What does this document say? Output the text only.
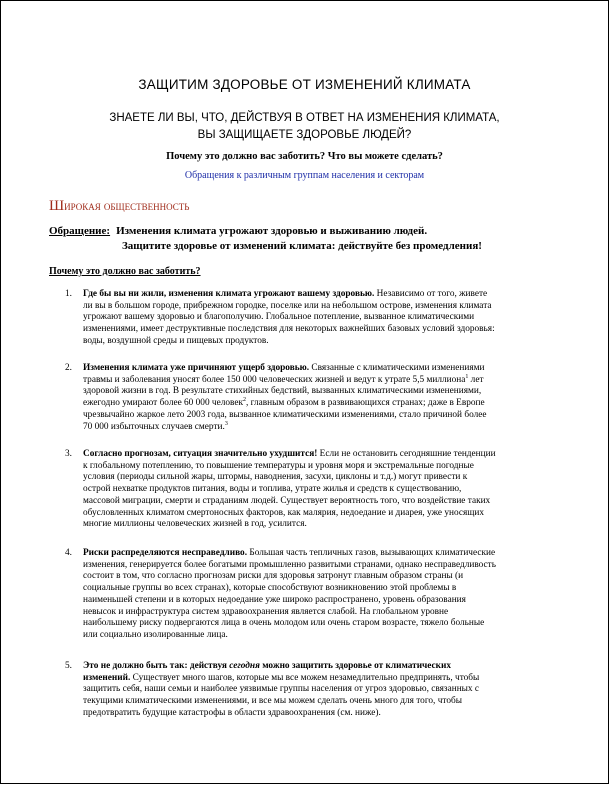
ЗАЩИТИМ ЗДОРОВЬЕ ОТ ИЗМЕНЕНИЙ КЛИМАТА
ЗНАЕТЕ ЛИ ВЫ, ЧТО, ДЕЙСТВУЯ В ОТВЕТ НА ИЗМЕНЕНИЯ КЛИМАТА,
ВЫ ЗАЩИЩАЕТЕ ЗДОРОВЬЕ ЛЮДЕЙ?
Почему это должно вас заботить? Что вы можете сделать?
Обращения к различным группам населения и секторам
Широкая общественность
Обращение: Изменения климата угрожают здоровью и выживанию людей.
Защитите здоровье от изменений климата: действуйте без промедления!
Почему это должно вас заботить?
1.	Где бы вы ни жили, изменения климата угрожают вашему здоровью. Независимо от того, живете
ли вы в большом городе, прибрежном городке, поселке или на небольшом острове, изменения климата
угрожают вашему здоровью и благополучию. Глобальное потепление, вызванное климатическими
изменениями, имеет деструктивные последствия для некоторых важнейших базовых условий здоровья:
воды, воздушной среды и пищевых продуктов.
2.	Изменения климата уже причиняют ущерб здоровью. Связанные с климатическими изменениями
травмы и заболевания уносят более 150 000 человеческих жизней и ведут к утрате 5,5 миллиона$^1$ лет
здоровой жизни в год. В результате стихийных бедствий, вызванных климатическими изменениями,
ежегодно умирают более 60 000 человек$^2$, главным образом в развивающихся странах; даже в Европе
чрезвычайно жаркое лето 2003 года, вызванное климатическими изменениями, стало причиной более
70 000 избыточных случаев смерти.$^3$
3.	Согласно прогнозам, ситуация значительно ухудшится! Если не остановить сегодняшние тенденции
к глобальному потеплению, то повышение температуры и уровня моря и экстремальные погодные
условия (периоды сильной жары, штормы, наводнения, засухи, циклоны и т.д.) могут привести к
острой нехватке продуктов питания, воды и топлива, утрате жилья и средств к существованию,
массовой миграции, смерти и страданиям людей. Существует вероятность того, что воздействие таких
обусловленных климатом смертоносных факторов, как малярия, недоедание и диарея, уже уносящих
многие миллионы человеческих жизней в год, усилится.
4.	Риски распределяются несправедливо. Большая часть тепличных газов, вызывающих климатические
изменения, генерируется более богатыми промышленно развитыми странами, однако несправедливость
состоит в том, что согласно прогнозам риски для здоровья затронут главным образом страны (и
социальные группы во всех странах), которые способствуют возникновению этой проблемы в
наименьшей степени и в которых недоедание уже широко распространено, уровень образования
невысок и инфраструктура систем здравоохранения является слабой. На глобальном уровне
наибольшему риску подвергаются лица в очень молодом или очень старом возрасте, тяжело больные
или социально изолированные лица.
5.	Это не должно быть так: действуя сегодня можно защитить здоровье от климатических
изменений. Существует много шагов, которые мы все можем незамедлительно предпринять, чтобы
защитить себя, наши семьи и наиболее уязвимые группы населения от угроз здоровью, связанных с
текущими климатическими изменениями, и все мы можем сделать очень много для того, чтобы
предотвратить будущие катастрофы в области здравоохранения (см. ниже).
